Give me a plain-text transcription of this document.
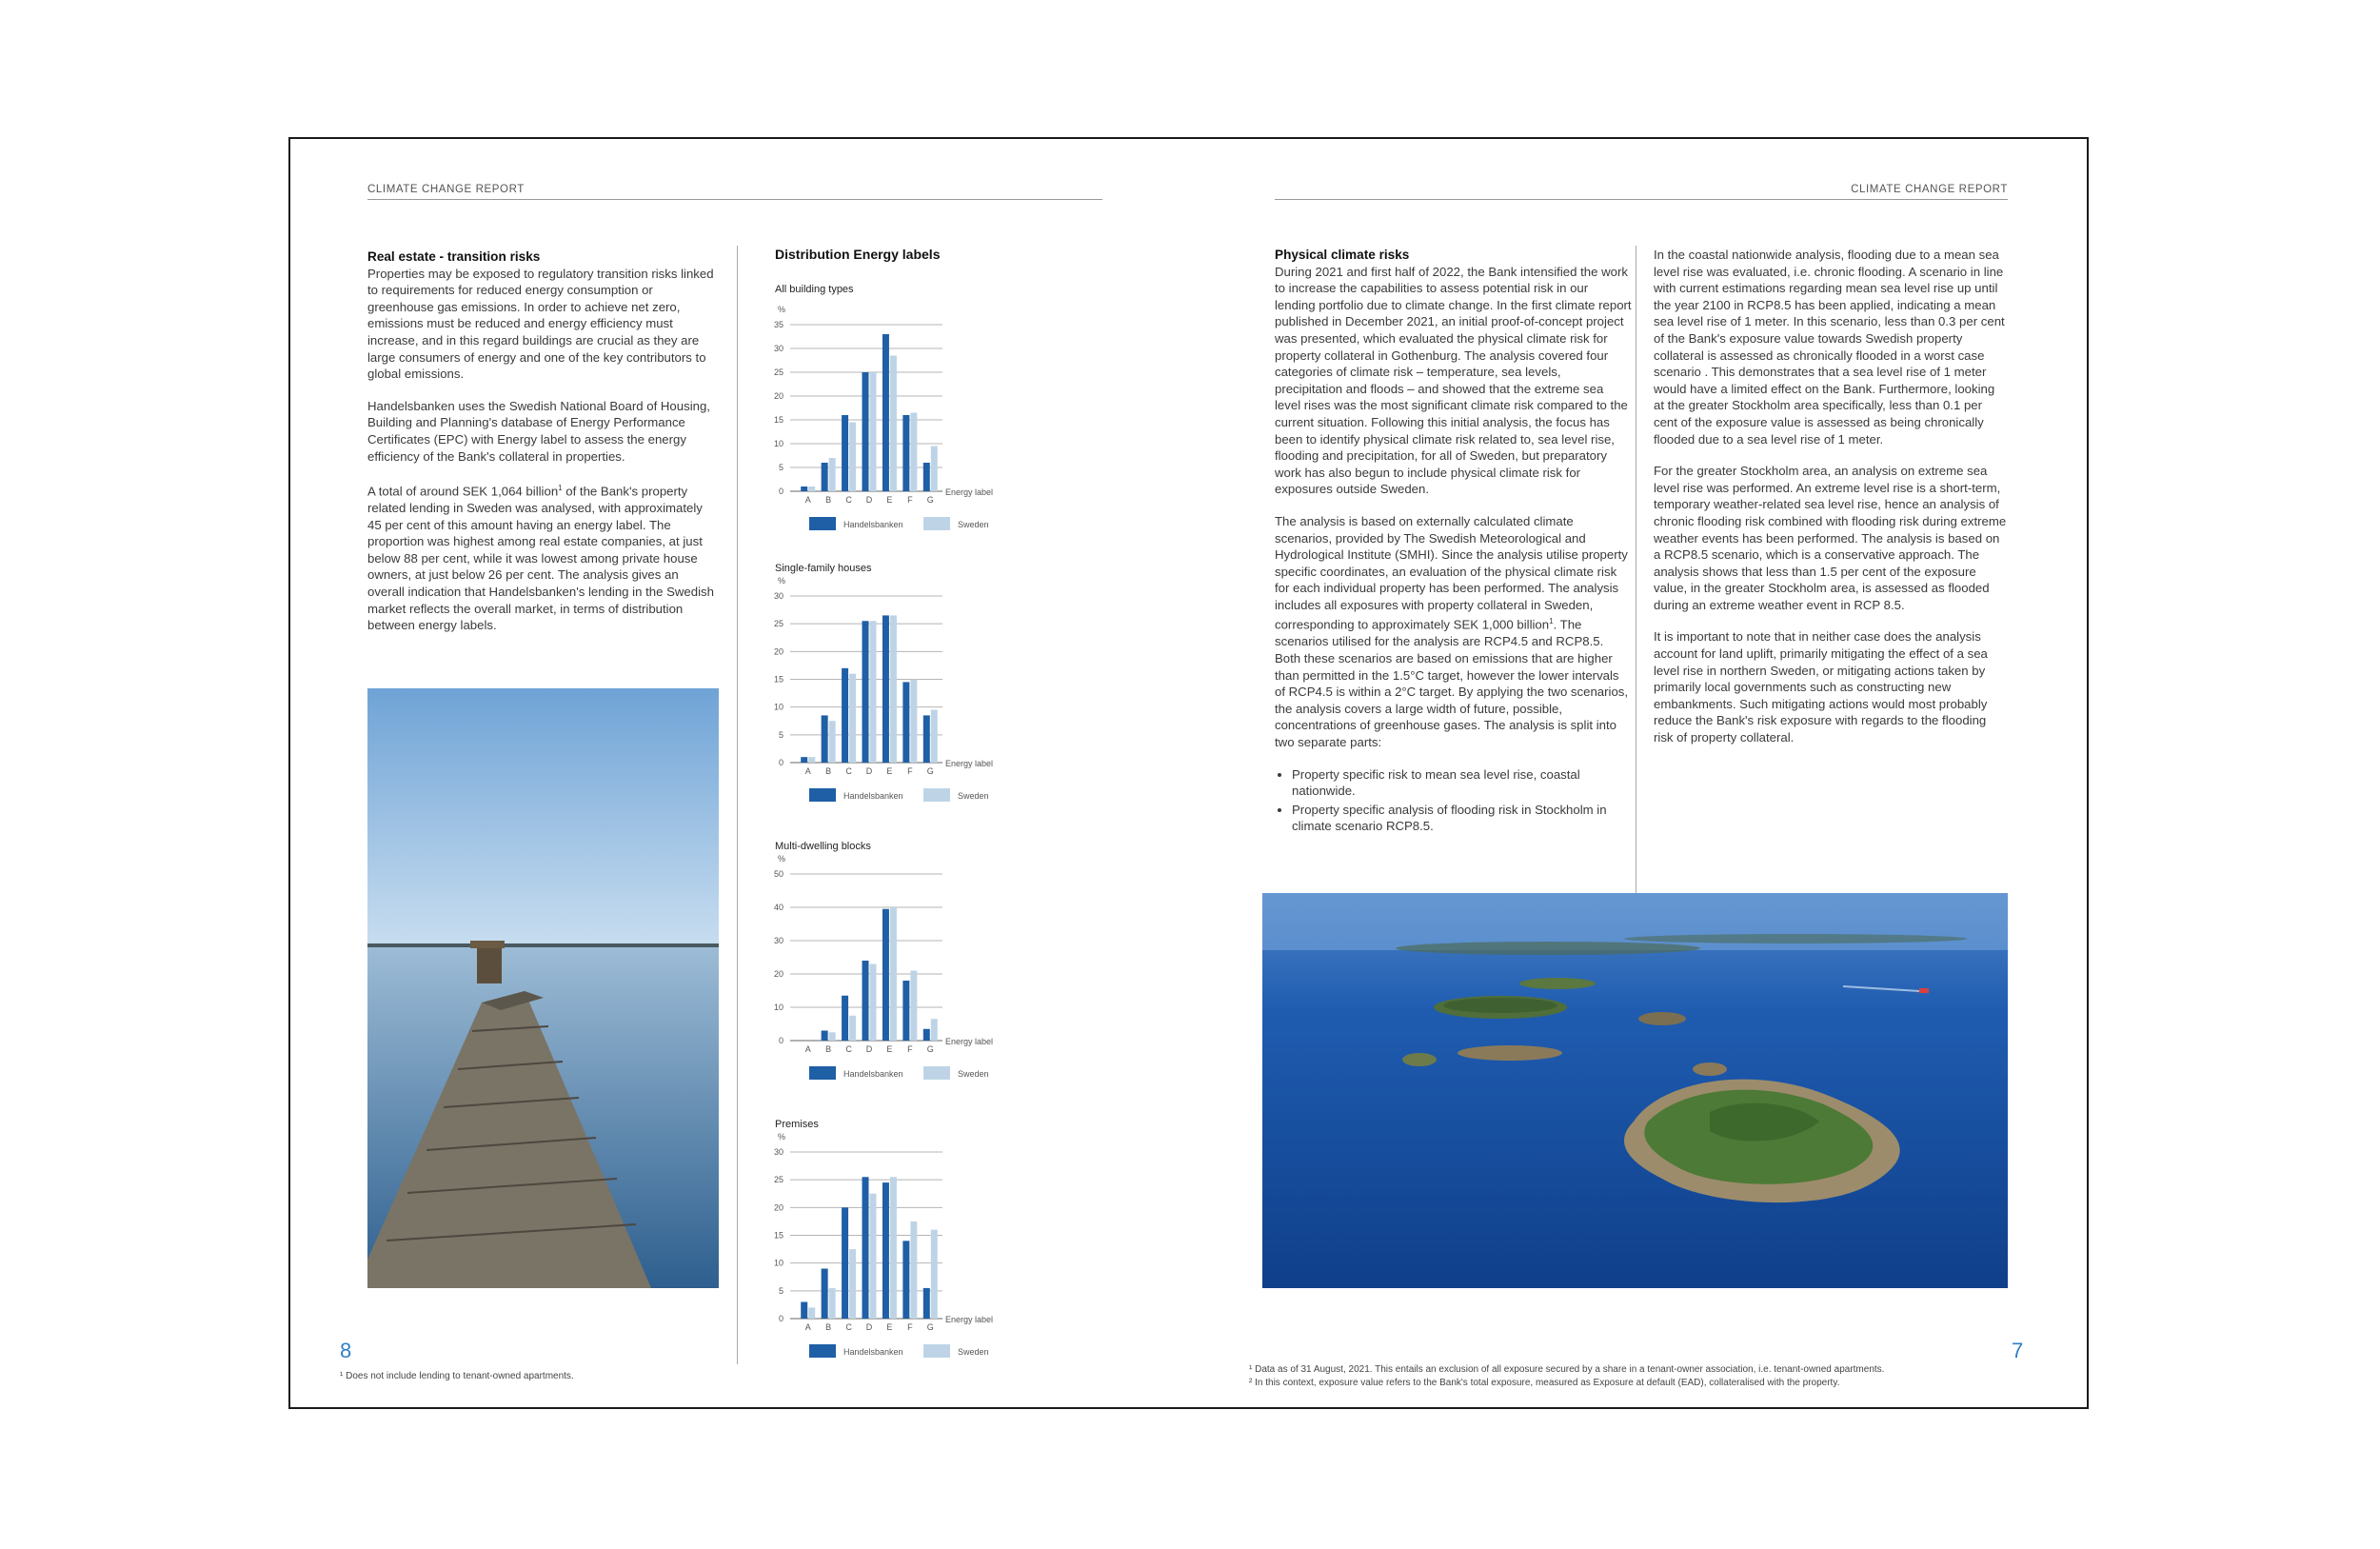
CLIMATE CHANGE REPORT
Real estate - transition risks

Properties may be exposed to regulatory transition risks linked to requirements for reduced energy consumption or greenhouse gas emissions. In order to achieve net zero, emissions must be reduced and energy efficiency must increase, and in this regard buildings are crucial as they are large consumers of energy and one of the key contributors to global emissions.

Handelsbanken uses the Swedish National Board of Housing, Building and Planning's database of Energy Performance Certificates (EPC) with Energy label to assess the energy efficiency of the Bank's collateral in properties.

A total of around SEK 1,064 billion$^1$ of the Bank's property related lending in Sweden was analysed, with approximately 45 per cent of this amount having an energy label. The proportion was highest among real estate companies, at just below 88 per cent, while it was lowest among private house owners, at just below 26 per cent. The analysis gives an overall indication that Handelsbanken's lending in the Swedish market reflects the overall market, in terms of distribution between energy labels.

8
¹ Does not include lending to tenant-owned apartments.
Distribution Energy labels
All building types
%
0
5
10
15
20
25
30
35
A B C D E F G
Energy label
Handelsbanken	Sweden
Single-family houses
%
0
5
10
15
20
25
30
A B C D E F G
Energy label
Handelsbanken	Sweden
Multi-dwelling blocks
%
0
10
20
30
40
50
A B C D E F G
Energy label
Handelsbanken	Sweden
Premises
%
0
5
10
15
20
25
30
A B C D E F G
Energy label
Handelsbanken	Sweden
CLIMATE CHANGE REPORT
Physical climate risks

During 2021 and first half of 2022, the Bank intensified the work to increase the capabilities to assess potential risk in our lending portfolio due to climate change. In the first climate report published in December 2021, an initial proof-of-concept project was presented, which evaluated the physical climate risk for property collateral in Gothenburg. The analysis covered four categories of climate risk – temperature, sea levels, precipitation and floods – and showed that the extreme sea level rises was the most significant climate risk compared to the current situation. Following this initial analysis, the focus has been to identify physical climate risk related to, sea level rise, flooding and precipitation, for all of Sweden, but preparatory work has also begun to include physical climate risk for exposures outside Sweden.

The analysis is based on externally calculated climate scenarios, provided by The Swedish Meteorological and Hydrological Institute (SMHI). Since the analysis utilise property specific coordinates, an evaluation of the physical climate risk for each individual property has been performed. The analysis includes all exposures with property collateral in Sweden, corresponding to approximately SEK 1,000 billion$^1$. The scenarios utilised for the analysis are RCP4.5 and RCP8.5. Both these scenarios are based on emissions that are higher than permitted in the 1.5°C target, however the lower intervals of RCP4.5 is within a 2°C target. By applying the two scenarios, the analysis covers a large width of future, possible, concentrations of greenhouse gases. The analysis is split into two separate parts:

• Property specific risk to mean sea level rise, coastal nationwide.
• Property specific analysis of flooding risk in Stockholm in climate scenario RCP8.5.

In the coastal nationwide analysis, flooding due to a mean sea level rise was evaluated, i.e. chronic flooding. A scenario in line with current estimations regarding mean sea level rise up until the year 2100 in RCP8.5 has been applied, indicating a mean sea level rise of 1 meter. In this scenario, less than 0.3 per cent of the Bank's exposure value towards Swedish property collateral is assessed as chronically flooded in a worst case scenario . This demonstrates that a sea level rise of 1 meter would have a limited effect on the Bank. Furthermore, looking at the greater Stockholm area specifically, less than 0.1 per cent of the exposure value is assessed as being chronically flooded due to a sea level rise of 1 meter.

For the greater Stockholm area, an analysis on extreme sea level rise was performed. An extreme level rise is a short-term, temporary weather-related sea level rise, hence an analysis of chronic flooding risk combined with flooding risk during extreme weather events has been performed. The analysis is based on a RCP8.5 scenario, which is a conservative approach. The analysis shows that less than 1.5 per cent of the exposure value, in the greater Stockholm area, is assessed as flooded during an extreme weather event in RCP 8.5.

It is important to note that in neither case does the analysis account for land uplift, primarily mitigating the effect of a sea level rise in northern Sweden, or mitigating actions taken by primarily local governments such as constructing new embankments. Such mitigating actions would most probably reduce the Bank's risk exposure with regards to the flooding risk of property collateral.

7
¹ Data as of 31 August, 2021. This entails an exclusion of all exposure secured by a share in a tenant-owner association, i.e. tenant-owned apartments.
² In this context, exposure value refers to the Bank's total exposure, measured as Exposure at default (EAD), collateralised with the property.
